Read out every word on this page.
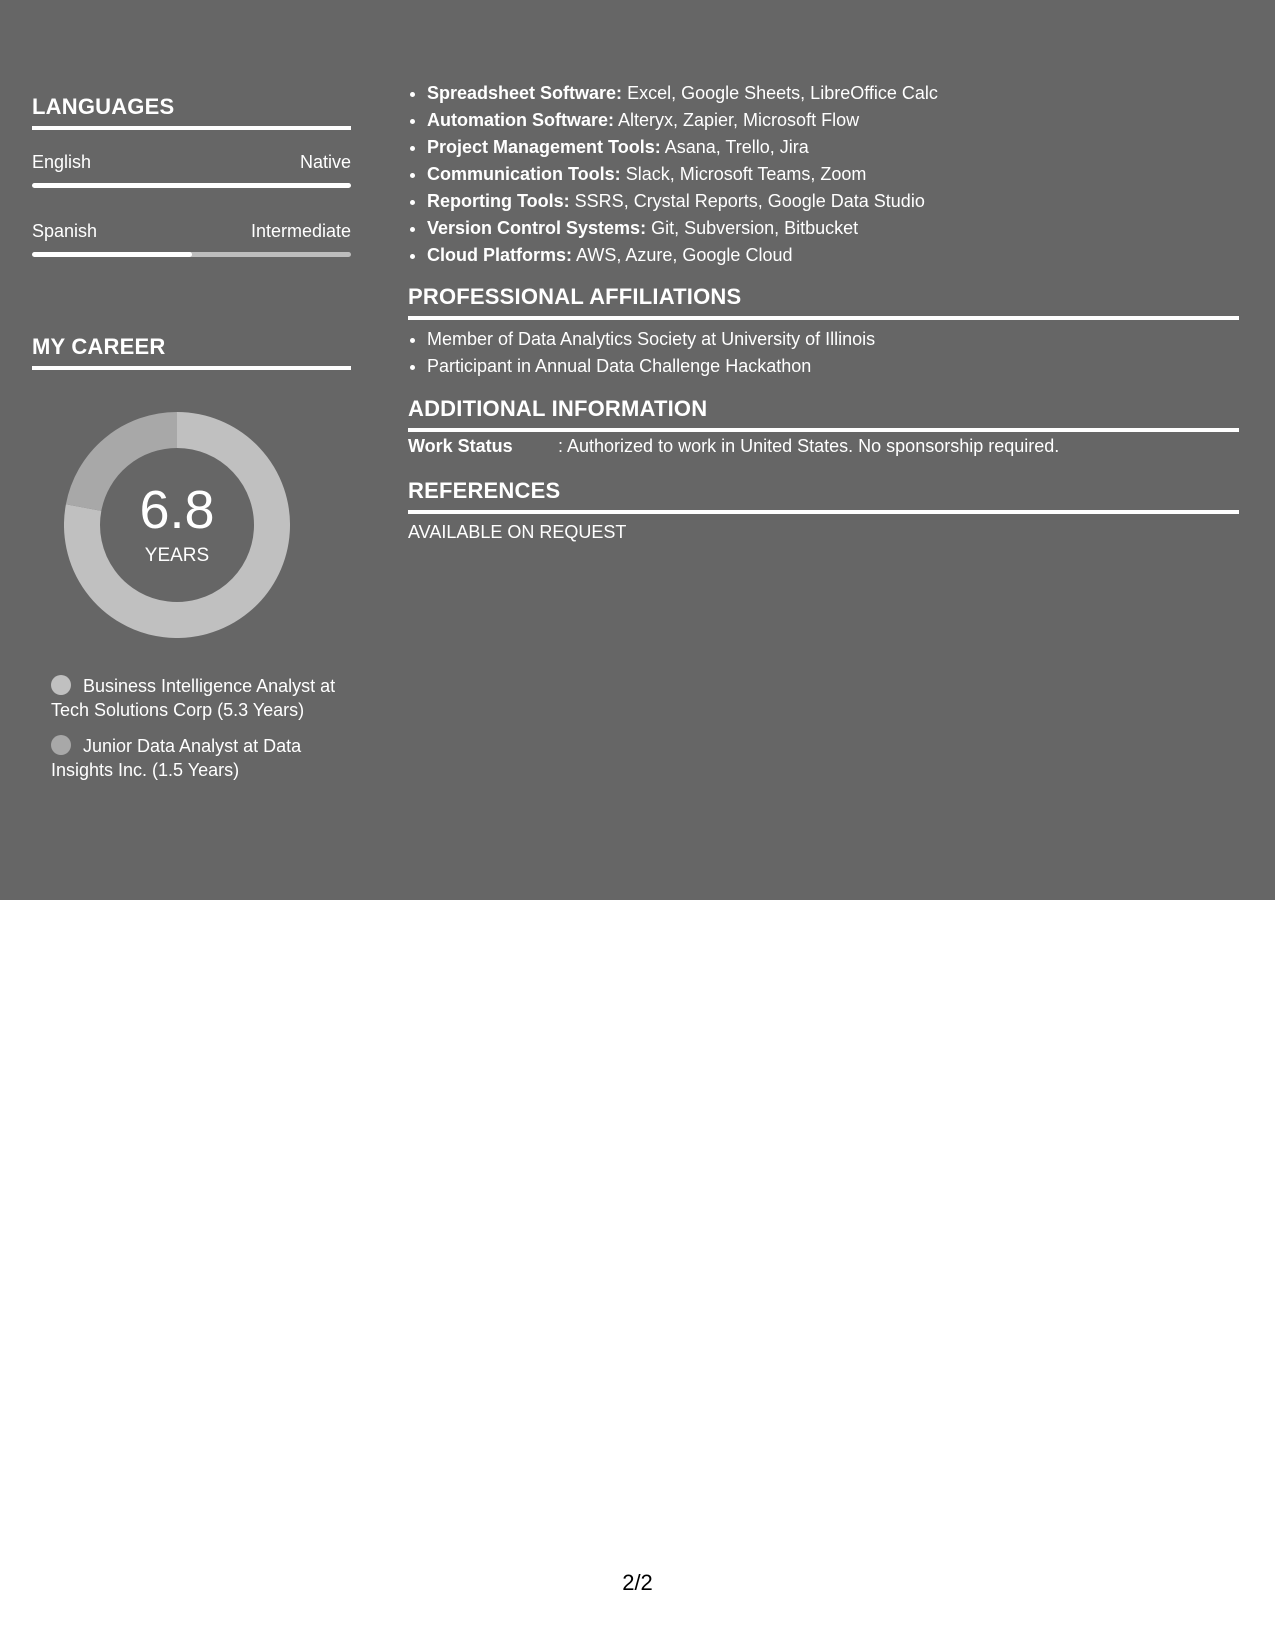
LANGUAGES
English	Native
Spanish	Intermediate
MY CAREER
6.8
YEARS
Business Intelligence Analyst at Tech Solutions Corp (5.3 Years)
Junior Data Analyst at Data Insights Inc. (1.5 Years)
• Spreadsheet Software: Excel, Google Sheets, LibreOffice Calc
• Automation Software: Alteryx, Zapier, Microsoft Flow
• Project Management Tools: Asana, Trello, Jira
• Communication Tools: Slack, Microsoft Teams, Zoom
• Reporting Tools: SSRS, Crystal Reports, Google Data Studio
• Version Control Systems: Git, Subversion, Bitbucket
• Cloud Platforms: AWS, Azure, Google Cloud
PROFESSIONAL AFFILIATIONS
• Member of Data Analytics Society at University of Illinois
• Participant in Annual Data Challenge Hackathon
ADDITIONAL INFORMATION
Work Status	: Authorized to work in United States. No sponsorship required.
REFERENCES
AVAILABLE ON REQUEST
2/2
